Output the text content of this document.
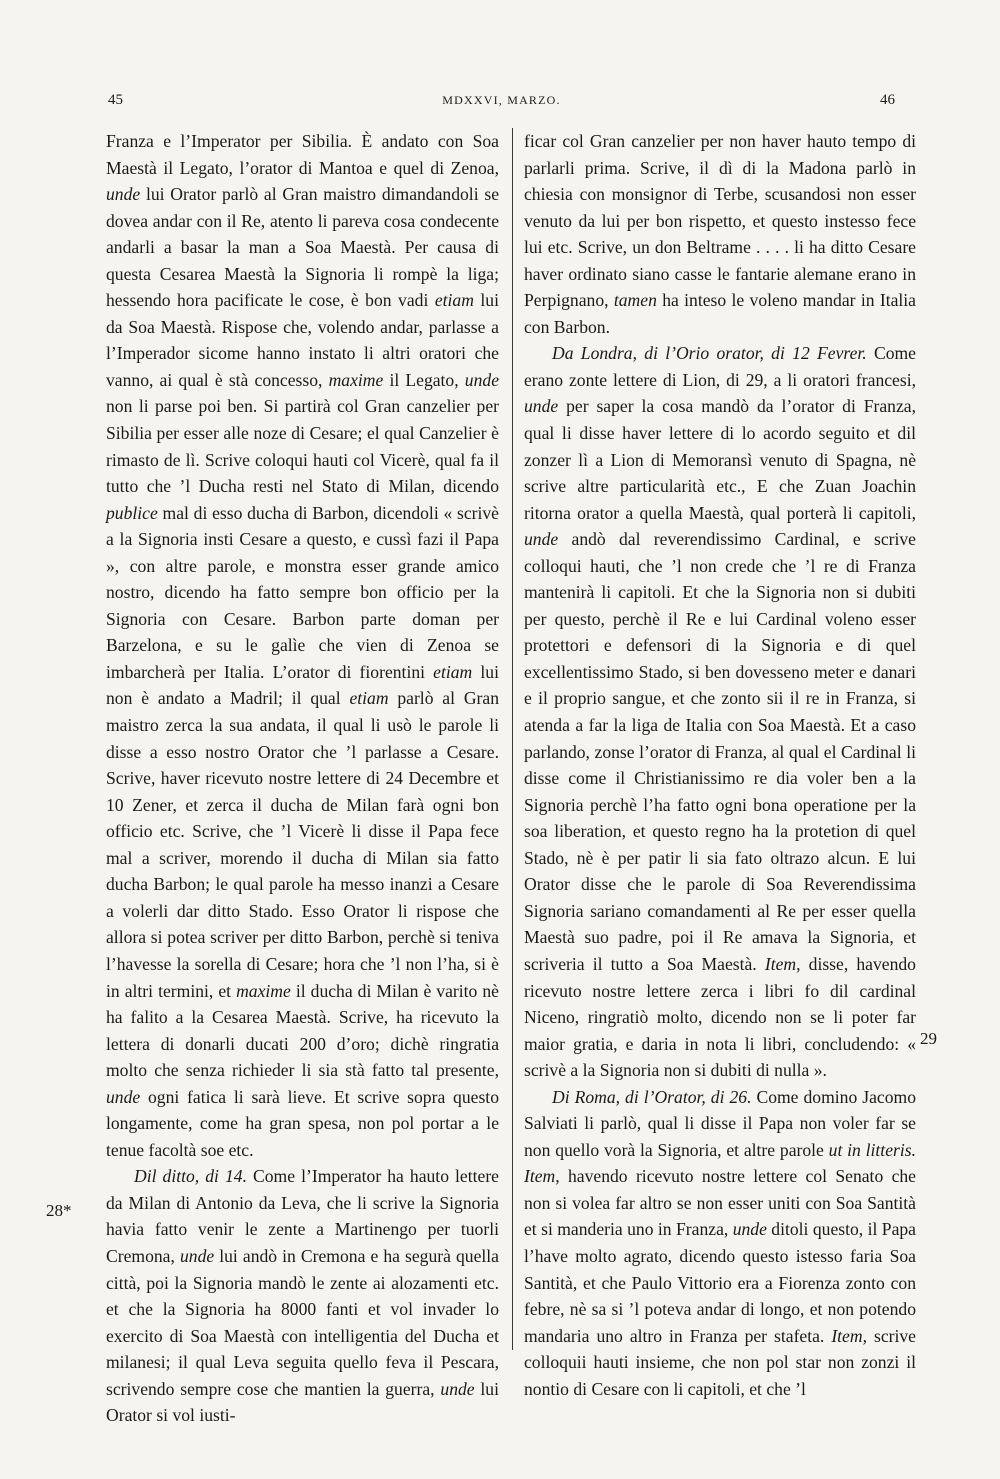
45	MDXXVI, MARZO.	46

Franza e l’Imperator per Sibilia. È andato con Soa Maestà il Legato, l’orator di Mantoa e quel di Zenoa, unde lui Orator parlò al Gran maistro dimandandoli se dovea andar con il Re, atento li pareva cosa condecente andarli a basar la man a Soa Maestà. Per causa di questa Cesarea Maestà la Signoria li rompè la liga; hessendo hora pacificate le cose, è bon vadi etiam lui da Soa Maestà. Rispose che, volendo andar, parlasse a l’Imperador sicome hanno instato li altri oratori che vanno, ai qual è stà concesso, maxime il Legato, unde non li parse poi ben. Si partirà col Gran canzelier per Sibilia per esser alle noze di Cesare; el qual Canzelier è rimasto de lì. Scrive coloqui hauti col Vicerè, qual fa il tutto che ’l Ducha resti nel Stato di Milan, dicendo publice mal di esso ducha di Barbon, dicendoli « scrivè a la Signoria insti Cesare a questo, e cussì fazi il Papa », con altre parole, e monstra esser grande amico nostro, dicendo ha fatto sempre bon officio per la Signoria con Cesare. Barbon parte doman per Barzelona, e su le galìe che vien di Zenoa se imbarcherà per Italia. L’orator di fiorentini etiam lui non è andato a Madril; il qual etiam parlò al Gran maistro zerca la sua andata, il qual li usò le parole li disse a esso nostro Orator che ’l parlasse a Cesare. Scrive, haver ricevuto nostre lettere di 24 Decembre et 10 Zener, et zerca il ducha de Milan farà ogni bon officio etc. Scrive, che ’l Vicerè li disse il Papa fece mal a scriver, morendo il ducha di Milan sia fatto ducha Barbon; le qual parole ha messo inanzi a Cesare a volerli dar ditto Stado. Esso Orator li rispose che allora si potea scriver per ditto Barbon, perchè si teniva l’havesse la sorella di Cesare; hora che ’l non l’ha, si è in altri termini, et maxime il ducha di Milan è varito nè ha falito a la Cesarea Maestà. Scrive, ha ricevuto la lettera di donarli ducati 200 d’oro; dichè ringratia molto che senza richieder li sia stà fatto tal presente, unde ogni fatica li sarà lieve. Et scrive sopra questo longamente, come ha gran spesa, non pol portar a le tenue facoltà soe etc.

Dil ditto, di 14. Come l’Imperator ha hauto lettere da Milan di Antonio da Leva, che li scrive la Signoria havia fatto venir le zente a Martinengo per tuorli Cremona, unde lui andò in Cremona e ha segurà quella città, poi la Signoria mandò le zente ai alozamenti etc. et che la Signoria ha 8000 fanti et vol invader lo exercito di Soa Maestà con intelligentia del Ducha et milanesi; il qual Leva seguita quello feva il Pescara, scrivendo sempre cose che mantien la guerra, unde lui Orator si vol iusti-

ficar col Gran canzelier per non haver hauto tempo di parlarli prima. Scrive, il dì di la Madona parlò in chiesia con monsignor di Terbe, scusandosi non esser venuto da lui per bon rispetto, et questo instesso fece lui etc. Scrive, un don Beltrame . . . . li ha ditto Cesare haver ordinato siano casse le fantarie alemane erano in Perpignano, tamen ha inteso le voleno mandar in Italia con Barbon.

Da Londra, di l’Orio orator, di 12 Fevrer. Come erano zonte lettere di Lion, di 29, a li oratori francesi, unde per saper la cosa mandò da l’orator di Franza, qual li disse haver lettere di lo acordo seguito et dil zonzer lì a Lion di Memoransì venuto di Spagna, nè scrive altre particularità etc., E che Zuan Joachin ritorna orator a quella Maestà, qual porterà li capitoli, unde andò dal reverendissimo Cardinal, e scrive colloqui hauti, che ’l non crede che ’l re di Franza mantenirà li capitoli. Et che la Signoria non si dubiti per questo, perchè il Re e lui Cardinal voleno esser protettori e defensori di la Signoria e di quel excellentissimo Stado, si ben dovesseno meter e danari e il proprio sangue, et che zonto sii il re in Franza, si atenda a far la liga de Italia con Soa Maestà. Et a caso parlando, zonse l’orator di Franza, al qual el Cardinal li disse come il Christianissimo re dia voler ben a la Signoria perchè l’ha fatto ogni bona operatione per la soa liberation, et questo regno ha la protetion di quel Stado, nè è per patir li sia fato oltrazo alcun. E lui Orator disse che le parole di Soa Reverendissima Signoria sariano comandamenti al Re per esser quella Maestà suo padre, poi il Re amava la Signoria, et scriveria il tutto a Soa Maestà. Item, disse, havendo ricevuto nostre lettere zerca i libri fo dil cardinal Niceno, ringratiò molto, dicendo non se li poter far maior gratia, e daria in nota li libri, concludendo: « scrivè a la Signoria non si dubiti di nulla ».

Di Roma, di l’Orator, di 26. Come domino Jacomo Salviati li parlò, qual li disse il Papa non voler far se non quello vorà la Signoria, et altre parole ut in litteris. Item, havendo ricevuto nostre lettere col Senato che non si volea far altro se non esser uniti con Soa Santità et si manderia uno in Franza, unde ditoli questo, il Papa l’have molto agrato, dicendo questo istesso faria Soa Santità, et che Paulo Vittorio era a Fiorenza zonto con febre, nè sa si ’l poteva andar di longo, et non potendo mandaria uno altro in Franza per stafeta. Item, scrive colloquii hauti insieme, che non pol star non zonzi il nontio di Cesare con li capitoli, et che ’l

28*
29
